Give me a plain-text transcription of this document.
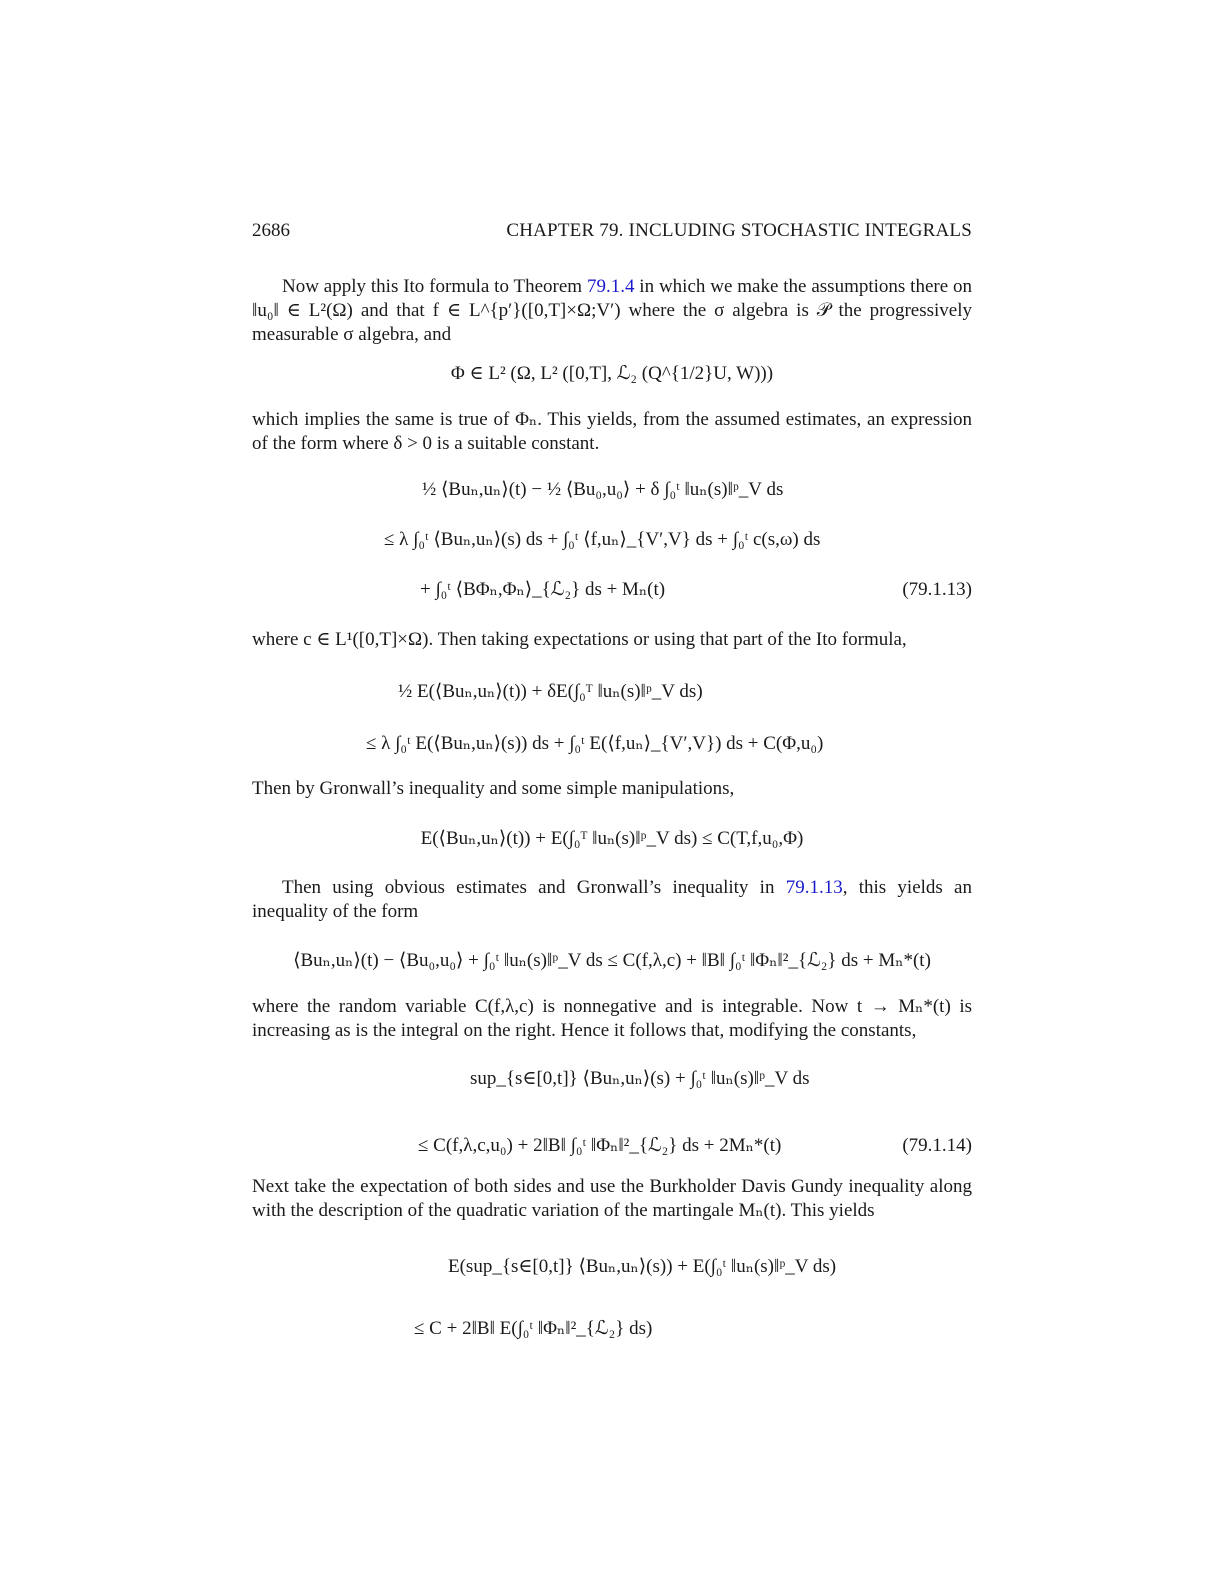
2686	CHAPTER 79. INCLUDING STOCHASTIC INTEGRALS

Now apply this Ito formula to Theorem 79.1.4 in which we make the assumptions there on ‖u₀‖ ∈ L²(Ω) and that f ∈ L^{p′}([0,T]×Ω;V′) where the σ algebra is 𝒫 the progressively measurable σ algebra, and

Φ ∈ L² (Ω, L² ([0,T], ℒ₂ (Q^{1/2}U, W)))

which implies the same is true of Φₙ. This yields, from the assumed estimates, an expression of the form where δ > 0 is a suitable constant.

½ ⟨Buₙ,uₙ⟩(t) − ½ ⟨Bu₀,u₀⟩ + δ ∫₀ᵗ ‖uₙ(s)‖ᵖ_V ds
≤ λ ∫₀ᵗ ⟨Buₙ,uₙ⟩(s) ds + ∫₀ᵗ ⟨f,uₙ⟩_{V′,V} ds + ∫₀ᵗ c(s,ω) ds
+ ∫₀ᵗ ⟨BΦₙ,Φₙ⟩_{ℒ₂} ds + Mₙ(t)	(79.1.13)

where c ∈ L¹([0,T]×Ω). Then taking expectations or using that part of the Ito formula,

½ E(⟨Buₙ,uₙ⟩(t)) + δE(∫₀ᵀ ‖uₙ(s)‖ᵖ_V ds)
≤ λ ∫₀ᵗ E(⟨Buₙ,uₙ⟩(s)) ds + ∫₀ᵗ E(⟨f,uₙ⟩_{V′,V}) ds + C(Φ,u₀)

Then by Gronwall’s inequality and some simple manipulations,

E(⟨Buₙ,uₙ⟩(t)) + E(∫₀ᵀ ‖uₙ(s)‖ᵖ_V ds) ≤ C(T,f,u₀,Φ)

Then using obvious estimates and Gronwall’s inequality in 79.1.13, this yields an inequality of the form

⟨Buₙ,uₙ⟩(t) − ⟨Bu₀,u₀⟩ + ∫₀ᵗ ‖uₙ(s)‖ᵖ_V ds ≤ C(f,λ,c) + ‖B‖ ∫₀ᵗ ‖Φₙ‖²_{ℒ₂} ds + Mₙ*(t)

where the random variable C(f,λ,c) is nonnegative and is integrable. Now t → Mₙ*(t) is increasing as is the integral on the right. Hence it follows that, modifying the constants,

sup_{s∈[0,t]} ⟨Buₙ,uₙ⟩(s) + ∫₀ᵗ ‖uₙ(s)‖ᵖ_V ds
≤ C(f,λ,c,u₀) + 2‖B‖ ∫₀ᵗ ‖Φₙ‖²_{ℒ₂} ds + 2Mₙ*(t)	(79.1.14)

Next take the expectation of both sides and use the Burkholder Davis Gundy inequality along with the description of the quadratic variation of the martingale Mₙ(t). This yields

E(sup_{s∈[0,t]} ⟨Buₙ,uₙ⟩(s)) + E(∫₀ᵗ ‖uₙ(s)‖ᵖ_V ds)
≤ C + 2‖B‖ E(∫₀ᵗ ‖Φₙ‖²_{ℒ₂} ds)
